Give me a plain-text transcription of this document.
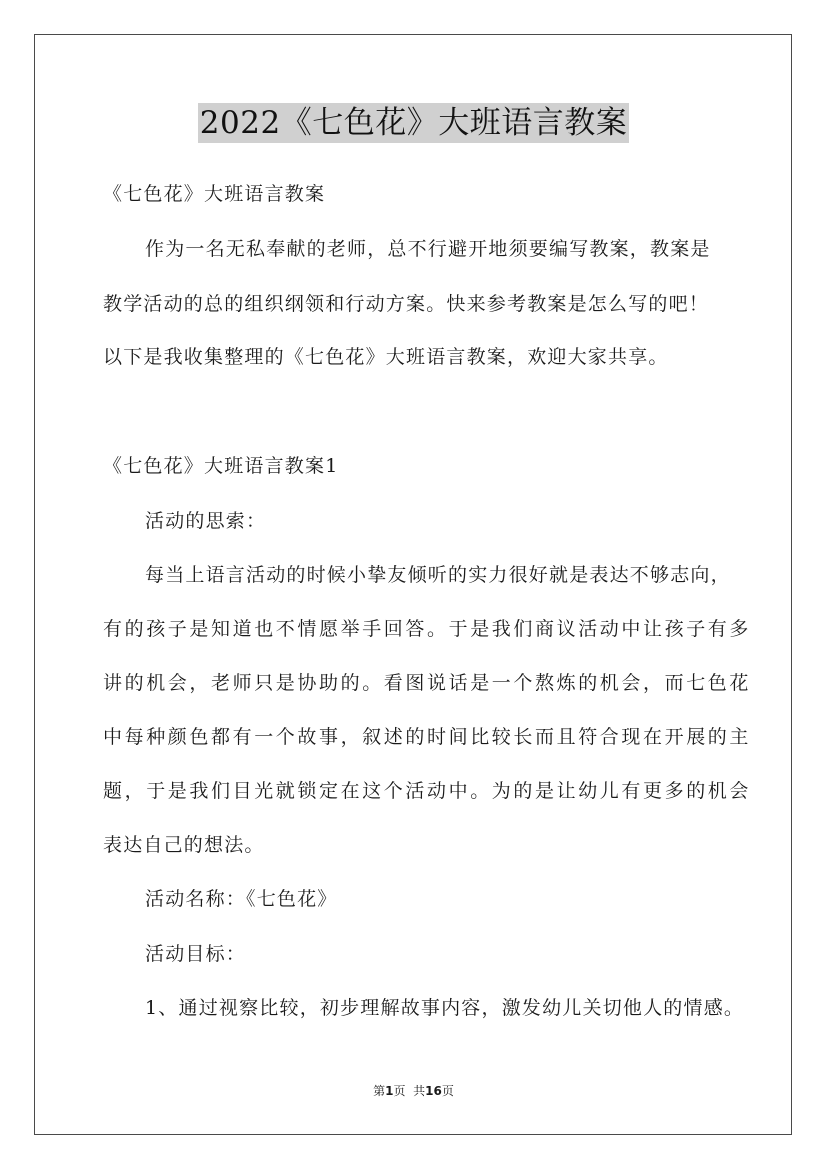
2022《七色花》大班语言教案
《七色花》大班语言教案
作为一名无私奉献的老师，总不行避开地须要编写教案，教案是
教学活动的总的组织纲领和行动方案。快来参考教案是怎么写的吧！
以下是我收集整理的《七色花》大班语言教案，欢迎大家共享。
《七色花》大班语言教案1
活动的思索：
每当上语言活动的时候小挚友倾听的实力很好就是表达不够志向，
有的孩子是知道也不情愿举手回答。于是我们商议活动中让孩子有多
讲的机会，老师只是协助的。看图说话是一个熬炼的机会，而七色花
中每种颜色都有一个故事，叙述的时间比较长而且符合现在开展的主
题，于是我们目光就锁定在这个活动中。为的是让幼儿有更多的机会
表达自己的想法。
活动名称：《七色花》
活动目标：
1、通过视察比较，初步理解故事内容，激发幼儿关切他人的情感。
第1页  共16页
